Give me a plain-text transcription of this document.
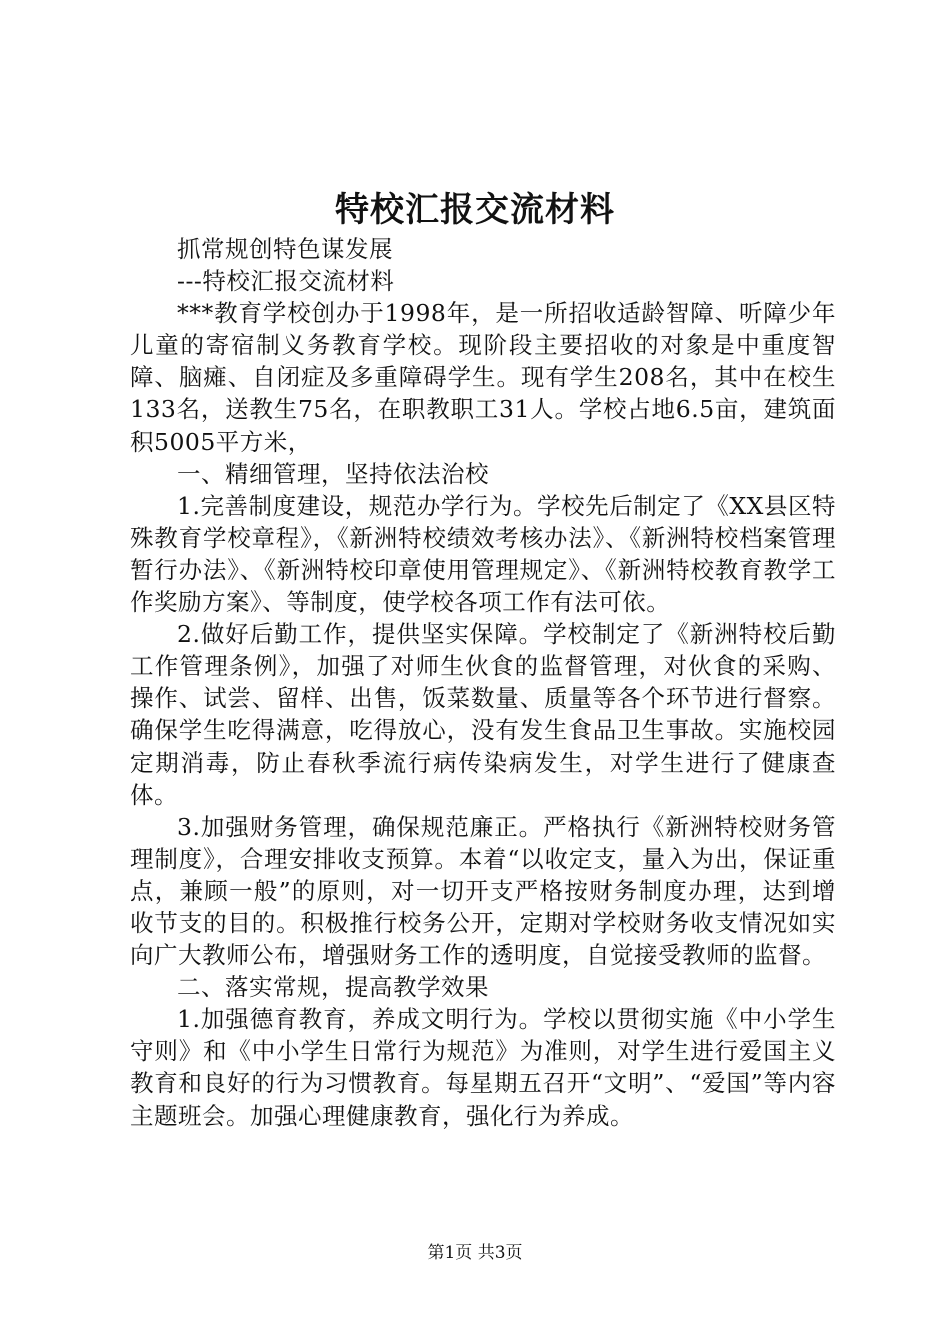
特校汇报交流材料

抓常规创特色谋发展

---特校汇报交流材料

***教育学校创办于1998年，是一所招收适龄智障、听障少年儿童的寄宿制义务教育学校。现阶段主要招收的对象是中重度智障、脑瘫、自闭症及多重障碍学生。现有学生208名，其中在校生133名，送教生75名，在职教职工31人。学校占地6.5亩，建筑面积5005平方米，

一、精细管理，坚持依法治校

1.完善制度建设，规范办学行为。学校先后制定了《XX县区特殊教育学校章程》，《新洲特校绩效考核办法》、《新洲特校档案管理暂行办法》、《新洲特校印章使用管理规定》、《新洲特校教育教学工作奖励方案》、等制度，使学校各项工作有法可依。

2.做好后勤工作，提供坚实保障。学校制定了《新洲特校后勤工作管理条例》，加强了对师生伙食的监督管理，对伙食的采购、操作、试尝、留样、出售，饭菜数量、质量等各个环节进行督察。确保学生吃得满意，吃得放心，没有发生食品卫生事故。实施校园定期消毒，防止春秋季流行病传染病发生，对学生进行了健康查体。

3.加强财务管理，确保规范廉正。严格执行《新洲特校财务管理制度》，合理安排收支预算。本着“以收定支，量入为出，保证重点，兼顾一般”的原则，对一切开支严格按财务制度办理，达到增收节支的目的。积极推行校务公开，定期对学校财务收支情况如实向广大教师公布，增强财务工作的透明度，自觉接受教师的监督。

二、落实常规，提高教学效果

1.加强德育教育，养成文明行为。学校以贯彻实施《中小学生守则》和《中小学生日常行为规范》为准则，对学生进行爱国主义教育和良好的行为习惯教育。每星期五召开“文明”、“爱国”等内容主题班会。加强心理健康教育，强化行为养成。

第1页 共3页
